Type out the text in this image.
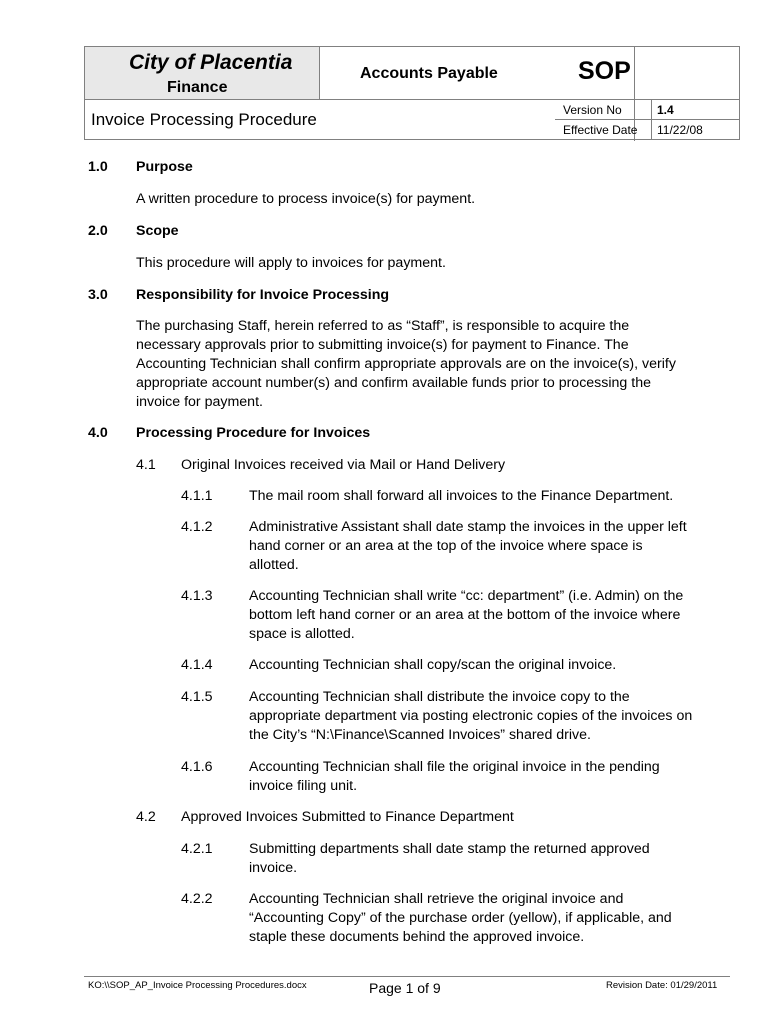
City of Placentia
Finance
Accounts Payable	SOP
Invoice Processing Procedure	Version No	1.4
Effective Date 11/22/08
1.0 Purpose
A written procedure to process invoice(s) for payment.
2.0 Scope
This procedure will apply to invoices for payment.
3.0 Responsibility for Invoice Processing
The purchasing Staff, herein referred to as “Staff”, is responsible to acquire the
necessary approvals prior to submitting invoice(s) for payment to Finance. The
Accounting Technician shall confirm appropriate approvals are on the invoice(s), verify
appropriate account number(s) and confirm available funds prior to processing the
invoice for payment.
4.0 Processing Procedure for Invoices
4.1 Original Invoices received via Mail or Hand Delivery
4.1.1	The mail room shall forward all invoices to the Finance Department.
4.1.2	Administrative Assistant shall date stamp the invoices in the upper left
hand corner or an area at the top of the invoice where space is
allotted.
4.1.3	Accounting Technician shall write “cc: department” (i.e. Admin) on the
bottom left hand corner or an area at the bottom of the invoice where
space is allotted.
4.1.4	Accounting Technician shall copy/scan the original invoice.
4.1.5	Accounting Technician shall distribute the invoice copy to the
appropriate department via posting electronic copies of the invoices on
the City’s “N:\Finance\Scanned Invoices” shared drive.
4.1.6	Accounting Technician shall file the original invoice in the pending
invoice filing unit.
4.2 Approved Invoices Submitted to Finance Department
4.2.1	Submitting departments shall date stamp the returned approved
invoice.
4.2.2	Accounting Technician shall retrieve the original invoice and
“Accounting Copy” of the purchase order (yellow), if applicable, and
staple these documents behind the approved invoice.
KO:\\SOP_AP_Invoice Processing Procedures.docx	Page 1 of 9	Revision Date: 01/29/2011
